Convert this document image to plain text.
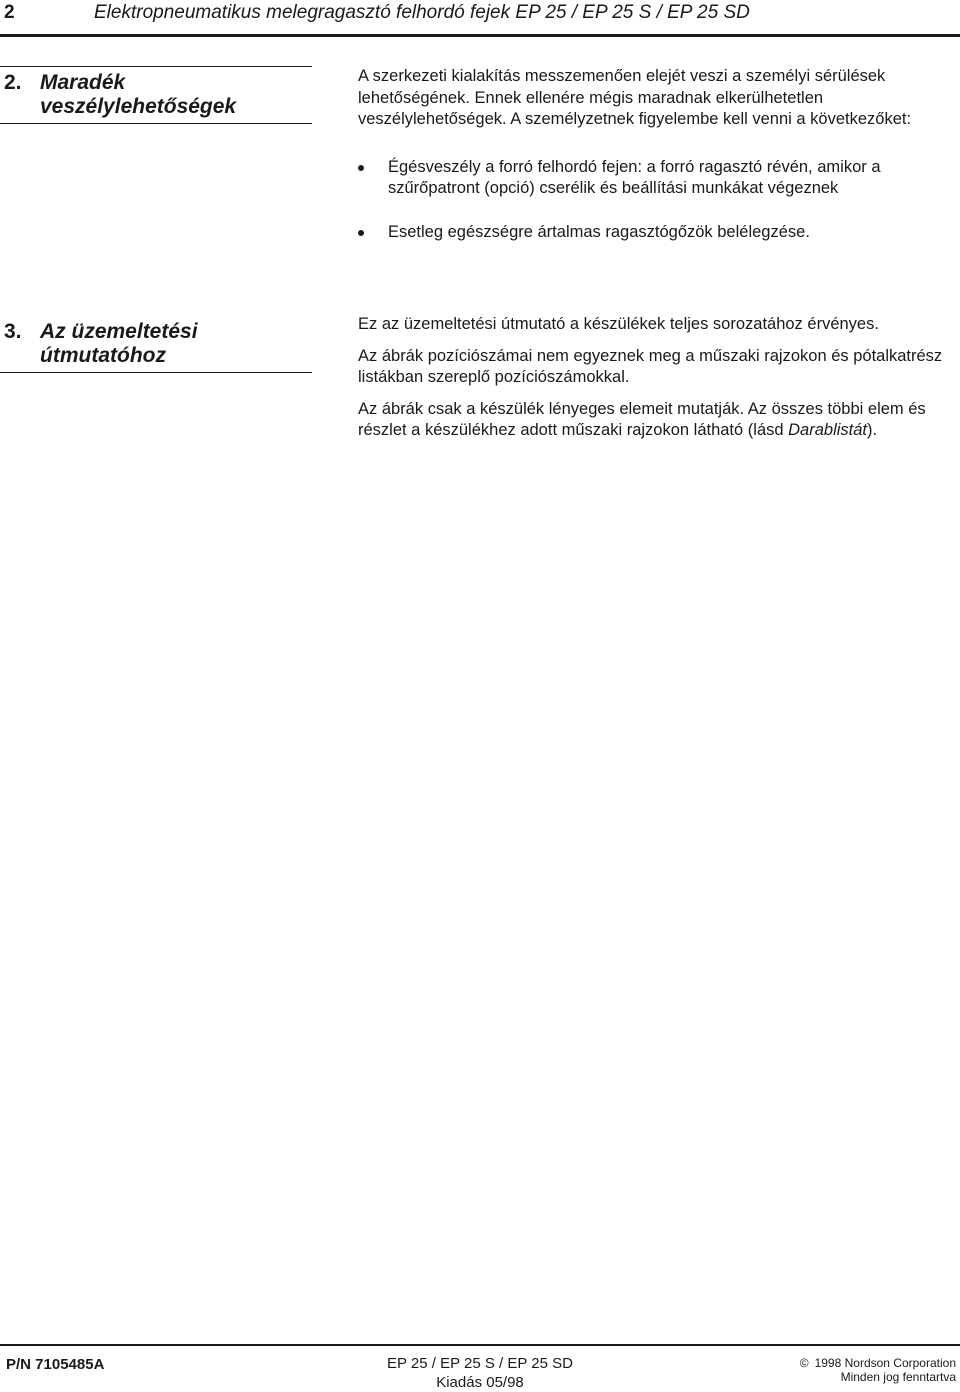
2	Elektropneumatikus melegragasztó felhordó fejek EP 25 / EP 25 S / EP 25 SD
2. Maradék
veszélylehetőségek

A szerkezeti kialakítás messzemenően elejét veszi a személyi sérülések lehetőségének. Ennek ellenére mégis maradnak elkerülhetetlen veszélylehetőségek. A személyzetnek figyelembe kell venni a következőket:

Égésveszély a forró felhordó fejen: a forró ragasztó révén, amikor a szűrőpatront (opció) cserélik és beállítási munkákat végeznek
Esetleg egészségre ártalmas ragasztógőzök belélegzése.
3. Az üzemeltetési
útmutatóhoz

Ez az üzemeltetési útmutató a készülékek teljes sorozatához érvényes.

Az ábrák pozíciószámai nem egyeznek meg a műszaki rajzokon és pótalkatrész listákban szereplő pozíciószámokkal.

Az ábrák csak a készülék lényeges elemeit mutatják. Az összes többi elem és részlet a készülékhez adott műszaki rajzokon látható (lásd Darablistát).

P/N 7105485A	EP 25 / EP 25 S / EP 25 SD
Kiadás 05/98
© 1998 Nordson Corporation
Minden jog fenntartva
